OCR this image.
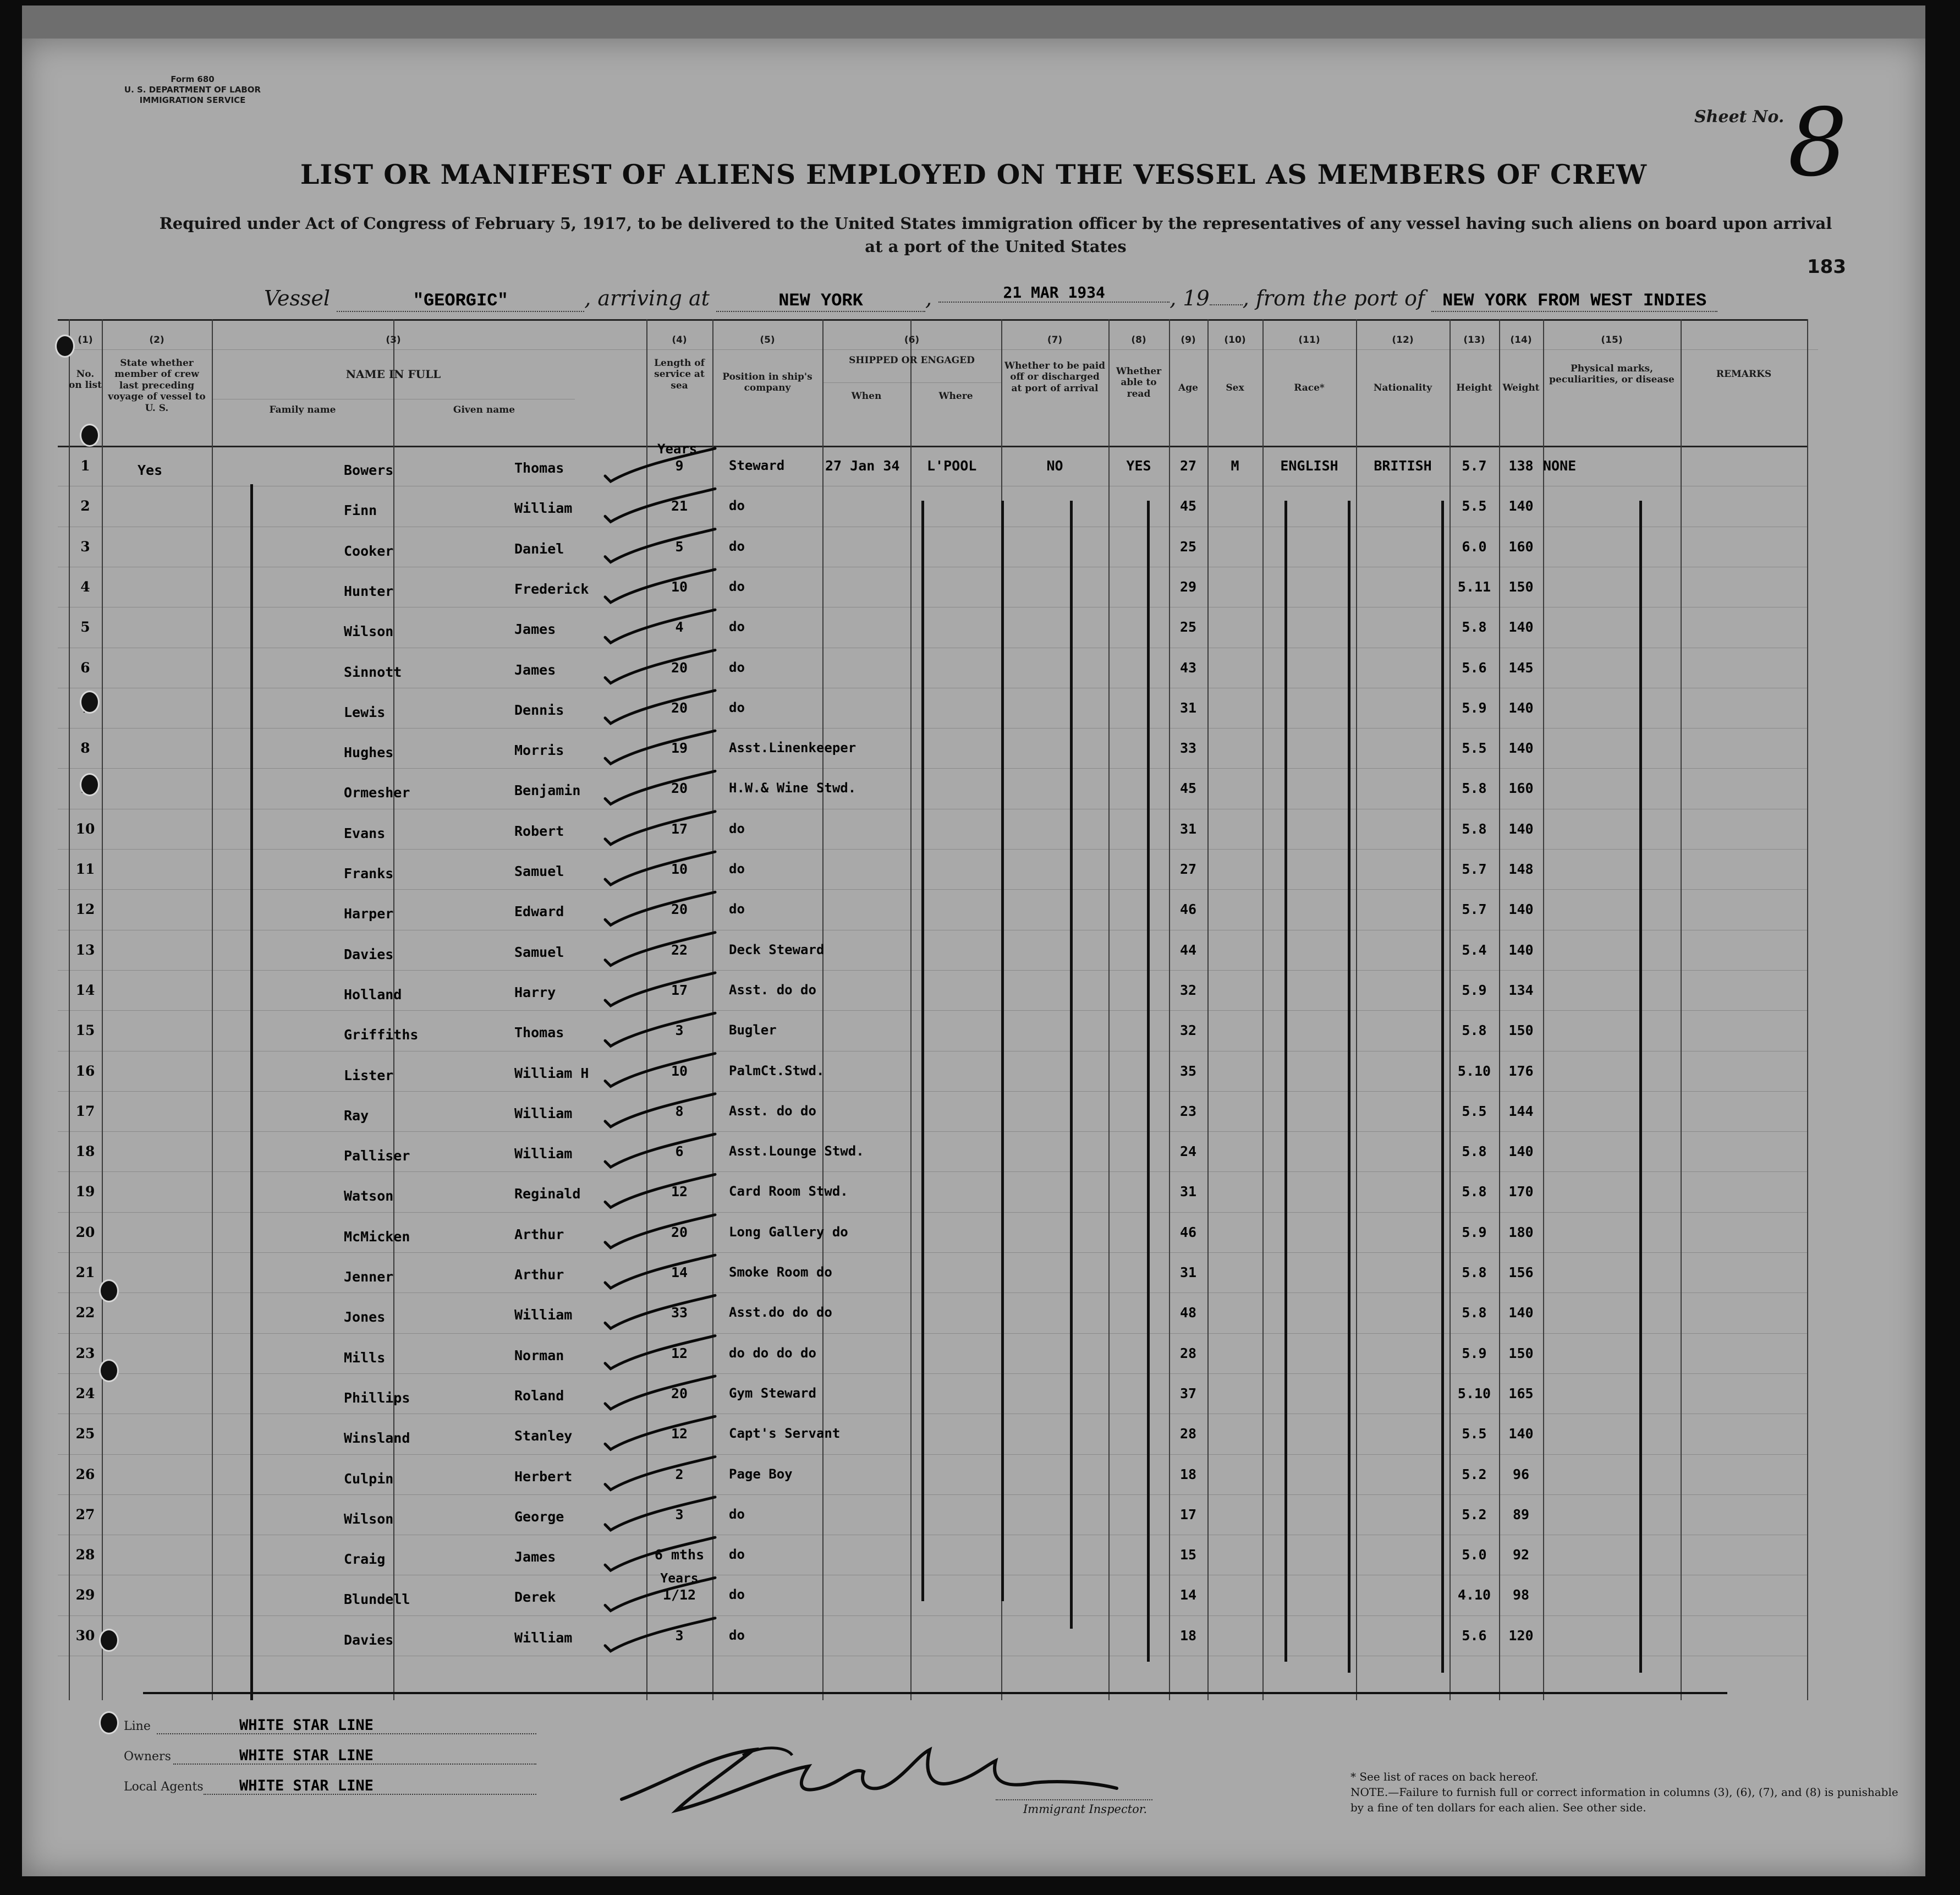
Form 680
U. S. DEPARTMENT OF LABOR
IMMIGRATION SERVICE
Sheet No. 8
183
LIST OR MANIFEST OF ALIENS EMPLOYED ON THE VESSEL AS MEMBERS OF CREW
Required under Act of Congress of February 5, 1917, to be delivered to the United States immigration officer by the representatives of any vessel having such aliens on board upon arrival at a port of the United States
Vessel	"GEORGIC"	, arriving at	NEW YORK	,	21 MAR 1934	, 19 , from the port of NEW YORK FROM WEST INDIES
(1)	(2)	(3)	(4)	(5)	(6)	(7)	(8)	(9)	(10)	(11)	(12)	(13)	(14)	(15)
No. on list
State whether member of crew last preceding voyage of vessel to U. S.
NAME IN FULL
Family name	Given name
Length of service at sea
Position in ship's company
SHIPPED OR ENGAGED
When	Where
Whether to be paid off or discharged at port of arrival
Whether able to read
Age	Sex	Race*	Nationality	Height	Weight
Physical marks, peculiarities, or disease
REMARKS
Years
1	Yes	Bowers	Thomas	9	Steward	27 Jan 34 L'POOL	NO	YES	27	M	ENGLISH	BRITISH	5.7	138 NONE
2	Finn	William	21	do	45	5.5	140
3	Cooker	Daniel	5	do	25	6.0	160
4	Hunter	Frederick	10	do	29	5.11	150
5	Wilson	James	4	do	25	5.8	140
6	Sinnott	James	20	do	43	5.6	145
Lewis	Dennis	20	do	31	5.9	140
8	Hughes	Morris	19	Asst.Linenkeeper	33	5.5	140
Ormesher	Benjamin	20	H.W.& Wine Stwd.	45	5.8	160
10	Evans	Robert	17	do	31	5.8	140
11	Franks	Samuel	10	do	27	5.7	148
12	Harper	Edward	20	do	46	5.7	140
13	Davies	Samuel	22	Deck Steward	44	5.4	140
14	Holland	Harry	17	Asst. do do	32	5.9	134
15	Griffiths	Thomas	3	Bugler	32	5.8	150
16	Lister	William H	10	PalmCt.Stwd.	35	5.10	176
17	Ray	William	8	Asst. do do	23	5.5	144
18	Palliser	William	6	Asst.Lounge Stwd.	24	5.8	140
19	Watson	Reginald	12	Card Room Stwd.	31	5.8	170
20	McMicken	Arthur	20	Long Gallery do	46	5.9	180
21	Jenner	Arthur	14	Smoke Room do	31	5.8	156
22	Jones	William	33	Asst.do do do	48	5.8	140
23	Mills	Norman	12	do do do do	28	5.9	150
24	Phillips	Roland	20	Gym Steward	37	5.10	165
25	Winsland	Stanley	12	Capt's Servant	28	5.5	140
26	Culpin	Herbert	2	Page Boy	18	5.2	96
27	Wilson	George	3	do	17	5.2	89
28	Craig	James	6 mths	do	15	5.0	92
29	Blundell	Derek	1/12	do	14	4.10	98
Years
30	Davies	William	3	do	18	5.6	120
Line	WHITE STAR LINE
Owners	WHITE STAR LINE
Local Agents WHITE STAR LINE
Immigrant Inspector.
* See list of races on back hereof.
NOTE.—Failure to furnish full or correct information in columns (3), (6), (7), and (8) is punishable by a fine of ten dollars for each alien. See other side.
